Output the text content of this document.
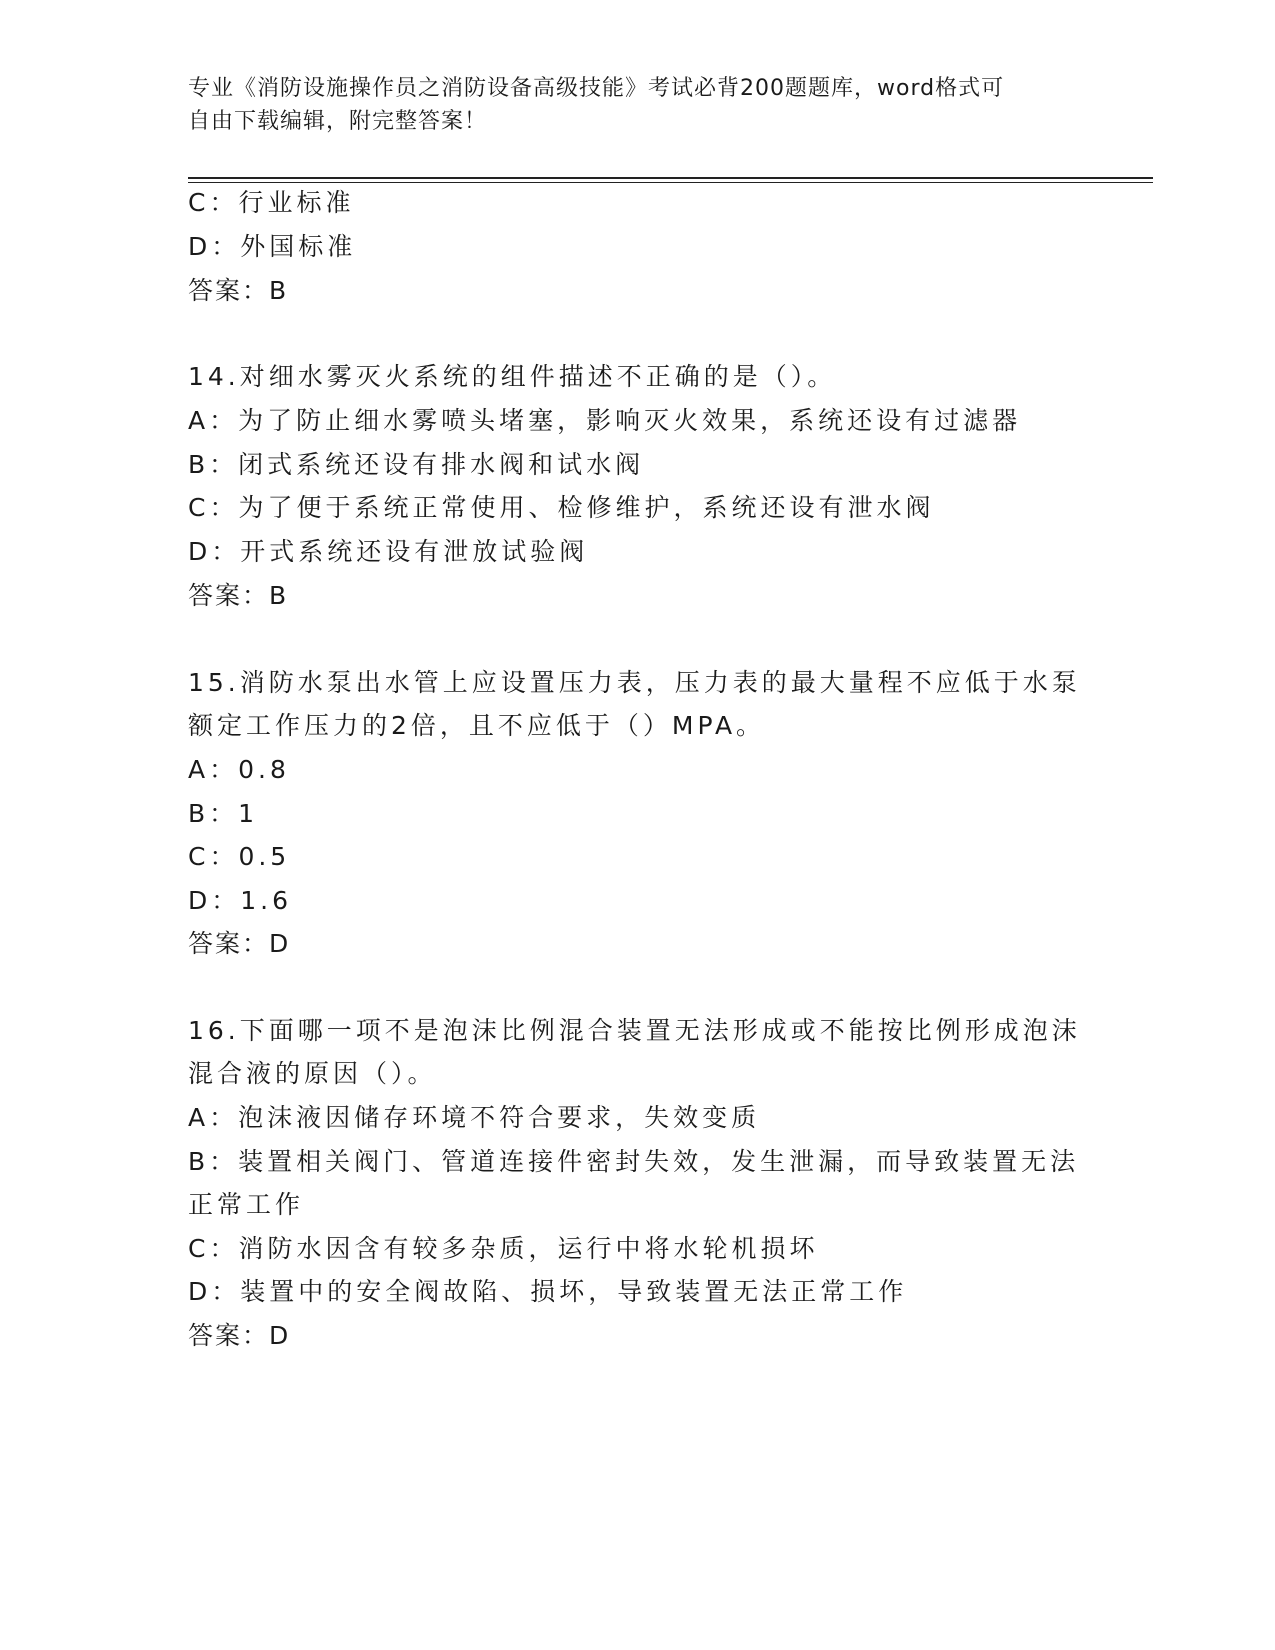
专业《消防设施操作员之消防设备高级技能》考试必背200题题库，word格式可
自由下载编辑，附完整答案！
C：行业标准
D：外国标准
答案：B
14.对细水雾灭火系统的组件描述不正确的是（）。
A：为了防止细水雾喷头堵塞，影响灭火效果，系统还设有过滤器
B：闭式系统还设有排水阀和试水阀
C：为了便于系统正常使用、检修维护，系统还设有泄水阀
D：开式系统还设有泄放试验阀
答案：B
15.消防水泵出水管上应设置压力表，压力表的最大量程不应低于水泵
额定工作压力的2倍，且不应低于（）MPA。
A：0.8
B：1
C：0.5
D：1.6
答案：D
16.下面哪一项不是泡沫比例混合装置无法形成或不能按比例形成泡沫
混合液的原因（）。
A：泡沫液因储存环境不符合要求，失效变质
B：装置相关阀门、管道连接件密封失效，发生泄漏，而导致装置无法
正常工作
C：消防水因含有较多杂质，运行中将水轮机损坏
D：装置中的安全阀故陷、损坏，导致装置无法正常工作
答案：D
